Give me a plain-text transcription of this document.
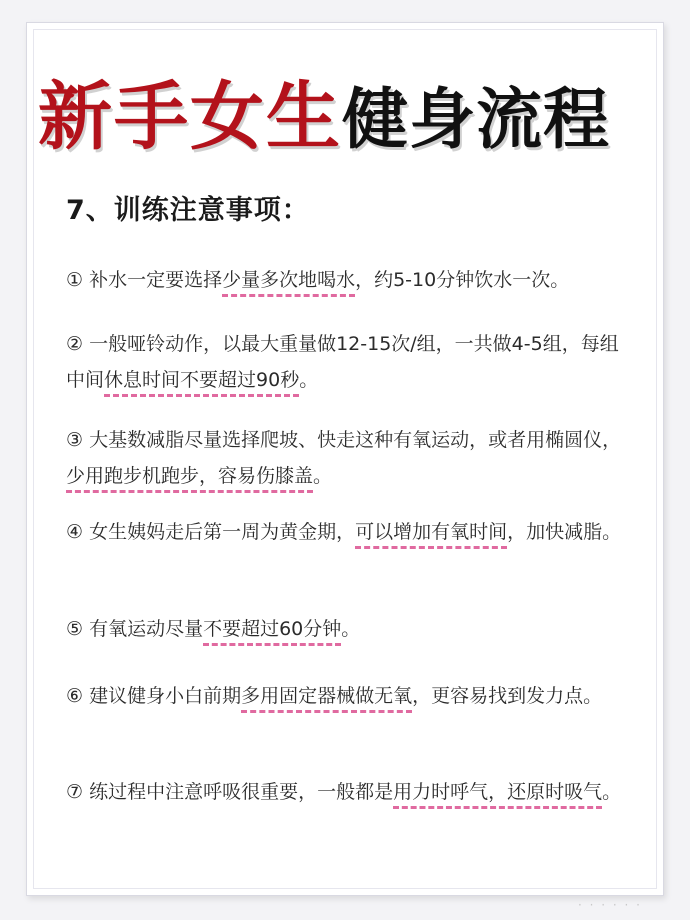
新手女生健身流程
7、训练注意事项：
① 补水一定要选择少量多次地喝水，约5-10分钟饮水一次。
② 一般哑铃动作，以最大重量做12-15次/组，一共做4-5组，每组中间休息时间不要超过90秒。
③ 大基数减脂尽量选择爬坡、快走这种有氧运动，或者用椭圆仪，少用跑步机跑步，容易伤膝盖。
④ 女生姨妈走后第一周为黄金期，可以增加有氧时间，加快减脂。
⑤ 有氧运动尽量不要超过60分钟。
⑥ 建议健身小白前期多用固定器械做无氧，更容易找到发力点。
⑦ 练过程中注意呼吸很重要，一般都是用力时呼气，还原时吸气。
· · · · · ·
